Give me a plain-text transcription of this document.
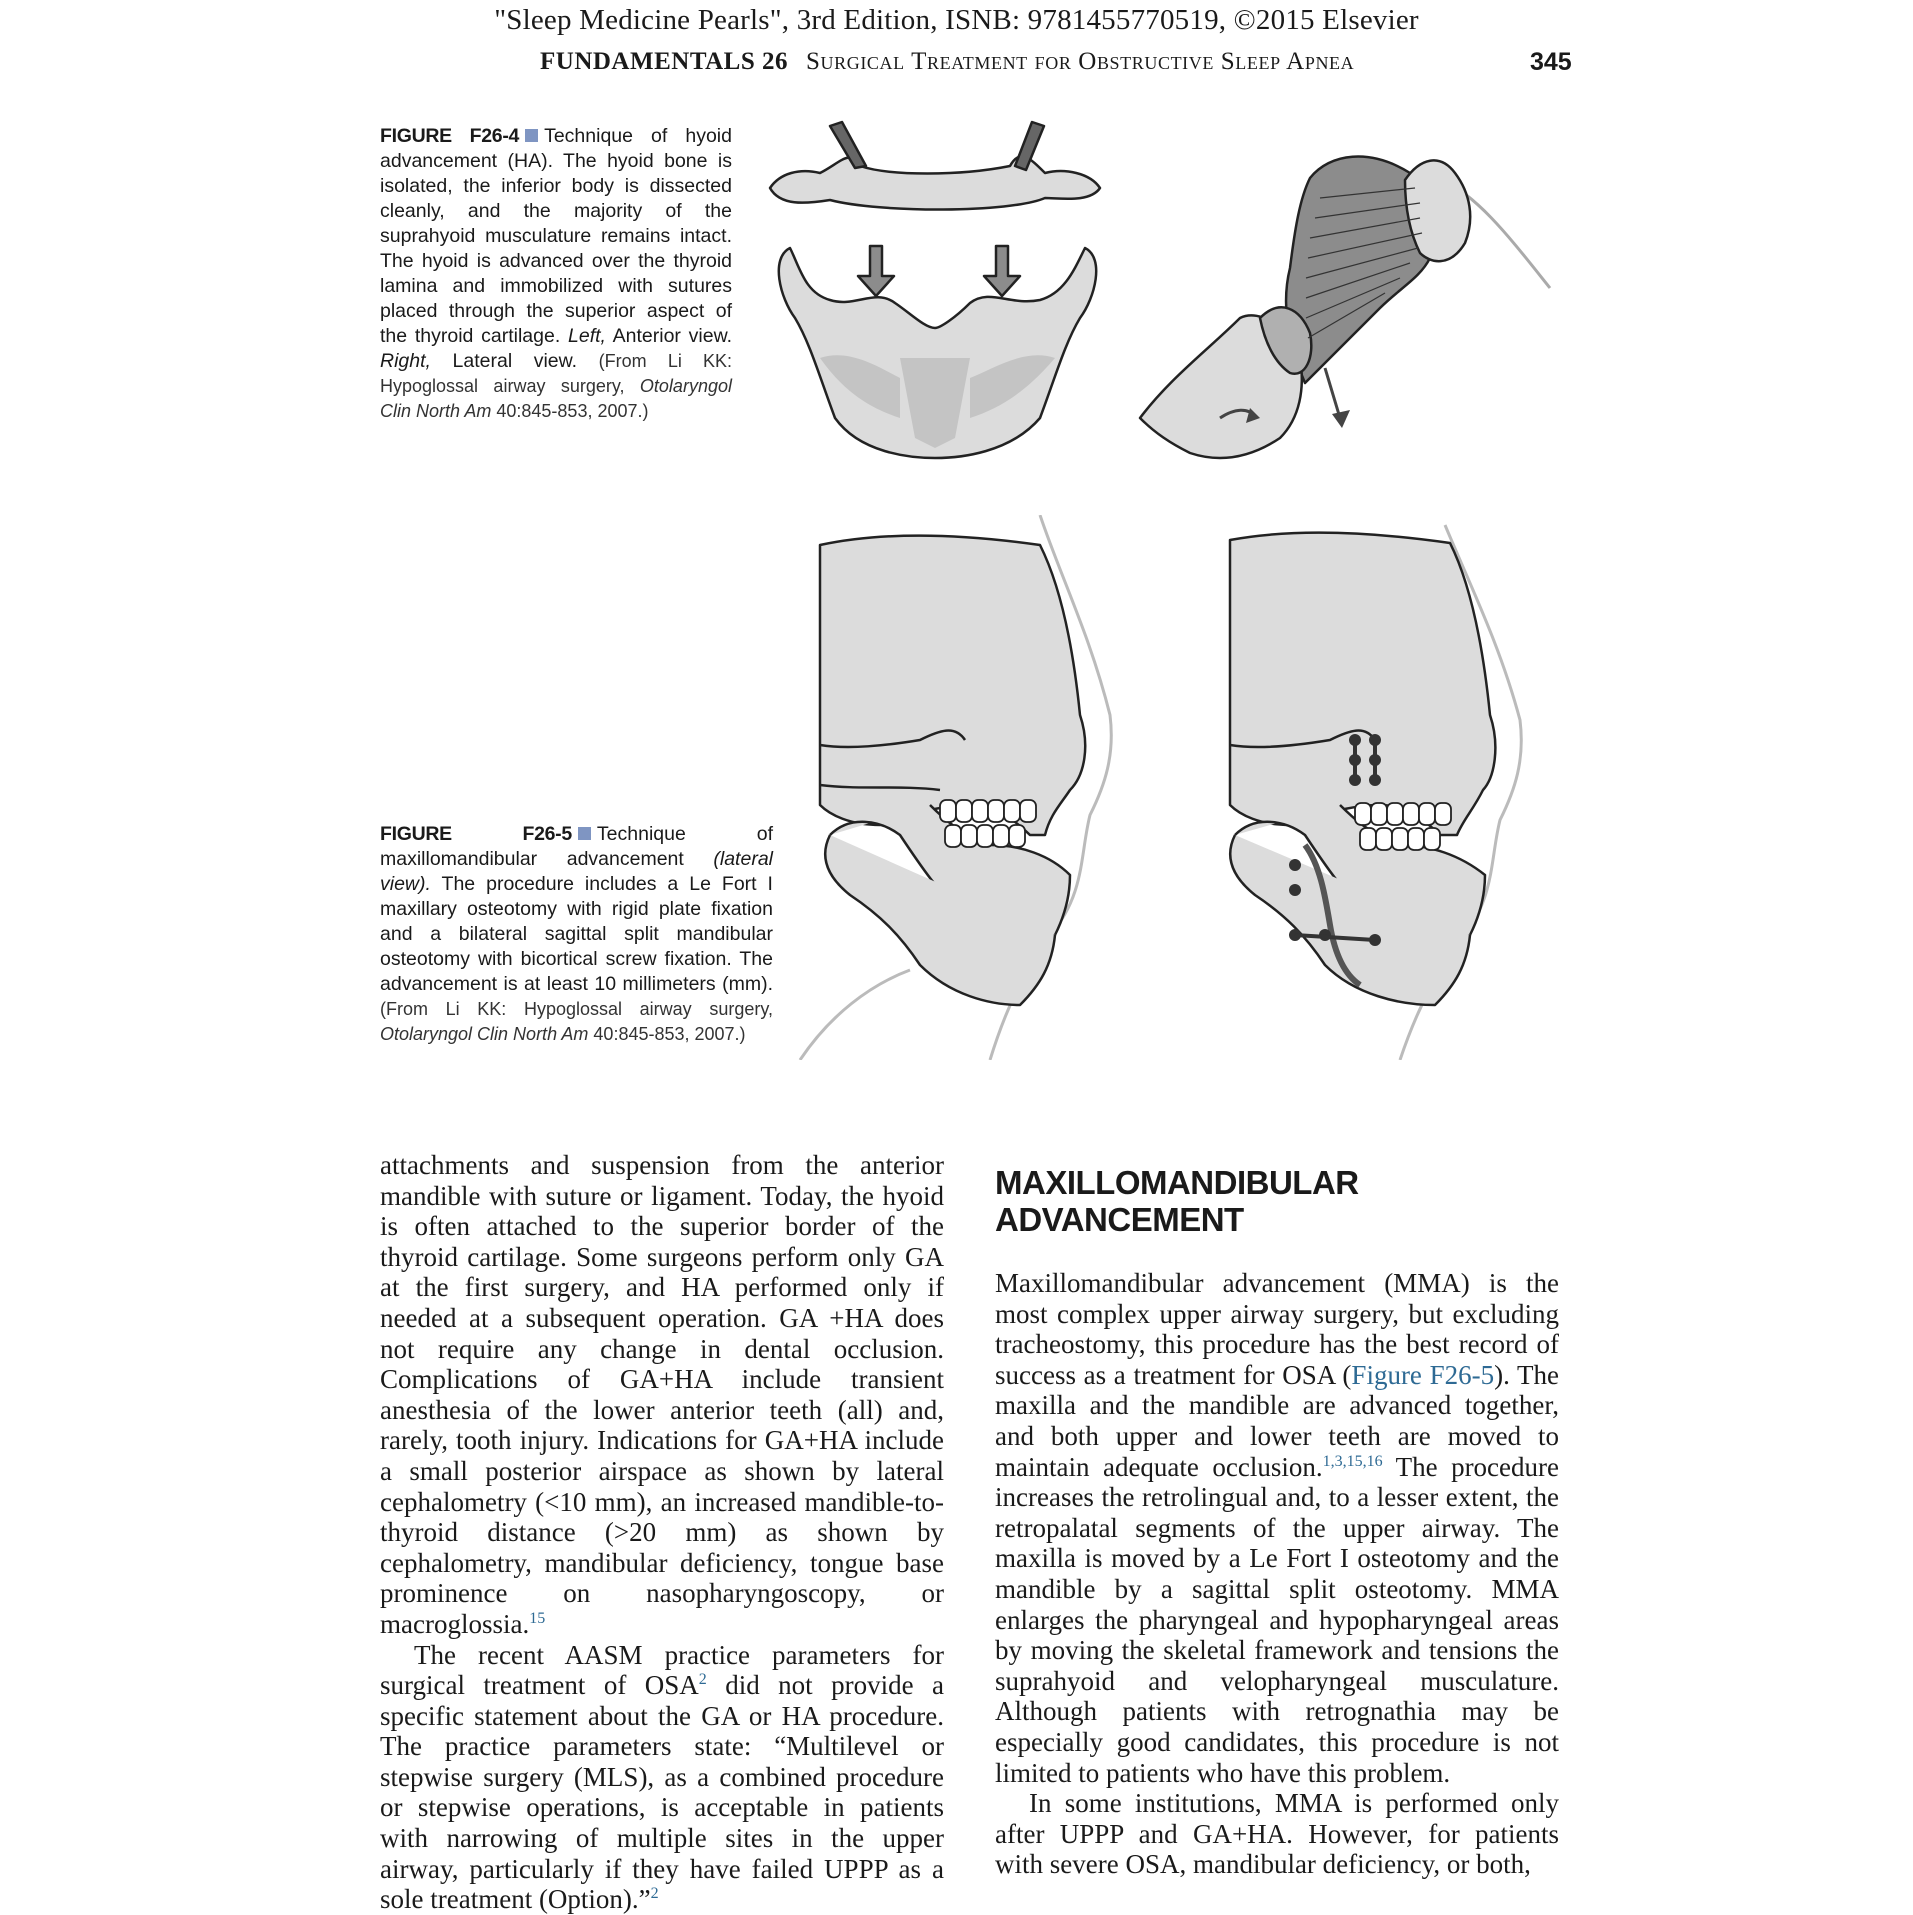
"Sleep Medicine Pearls", 3rd Edition, ISNB: 9781455770519, ©2015 Elsevier
FUNDAMENTALS 26 Surgical Treatment for Obstructive Sleep Apnea	345
FIGURE F26-4 Technique of hyoid advancement (HA). The hyoid bone is isolated, the inferior body is dissected cleanly, and the majority of the suprahyoid musculature remains intact. The hyoid is advanced over the thyroid lamina and immobilized with sutures placed through the superior aspect of the thyroid cartilage. Left, Anterior view. Right, Lateral view. (From Li KK: Hypoglossal airway surgery, Otolaryngol Clin North Am 40:845-853, 2007.)
FIGURE F26-5 Technique of maxillomandibular advancement (lateral view). The procedure includes a Le Fort I maxillary osteotomy with rigid plate fixation and a bilateral sagittal split mandibular osteotomy with bicortical screw fixation. The advancement is at least 10 millimeters (mm). (From Li KK: Hypoglossal airway surgery, Otolaryngol Clin North Am 40:845-853, 2007.)

attachments and suspension from the anterior mandible with suture or ligament. Today, the hyoid is often attached to the superior border of the thyroid cartilage. Some surgeons perform only GA at the first surgery, and HA performed only if needed at a subsequent operation. GA +HA does not require any change in dental occlusion. Complications of GA+HA include transient anesthesia of the lower anterior teeth (all) and, rarely, tooth injury. Indications for GA+HA include a small posterior airspace as shown by lateral cephalometry (<10 mm), an increased mandible-to-thyroid distance (>20 mm) as shown by cephalometry, mandibular deficiency, tongue base prominence on nasopharyngoscopy, or macroglossia.$^{15}$

The recent AASM practice parameters for surgical treatment of OSA$^2$ did not provide a specific statement about the GA or HA procedure. The practice parameters state: “Multilevel or stepwise surgery (MLS), as a combined procedure or stepwise operations, is acceptable in patients with narrowing of multiple sites in the upper airway, particularly if they have failed UPPP as a sole treatment (Option).”$^2$

MAXILLOMANDIBULAR ADVANCEMENT

Maxillomandibular advancement (MMA) is the most complex upper airway surgery, but excluding tracheostomy, this procedure has the best record of success as a treatment for OSA (Figure F26-5). The maxilla and the mandible are advanced together, and both upper and lower teeth are moved to maintain adequate occlusion.$^{1,3,15,16}$ The procedure increases the retrolingual and, to a lesser extent, the retropalatal segments of the upper airway. The maxilla is moved by a Le Fort I osteotomy and the mandible by a sagittal split osteotomy. MMA enlarges the pharyngeal and hypopharyngeal areas by moving the skeletal framework and tensions the suprahyoid and velopharyngeal musculature. Although patients with retrognathia may be especially good candidates, this procedure is not limited to patients who have this problem.

In some institutions, MMA is performed only after UPPP and GA+HA. However, for patients with severe OSA, mandibular deficiency, or both,
